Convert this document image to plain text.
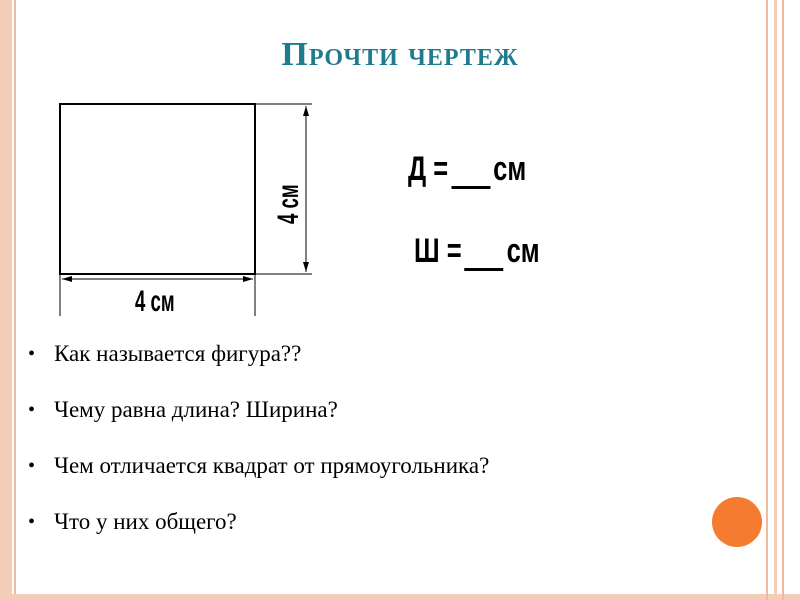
Прочти чертеж
4 см
4 см
Д = см
Ш = см
• Как называется фигура??
• Чему равна длина? Ширина?
• Чем отличается квадрат от прямоугольника?
• Что у них общего?
